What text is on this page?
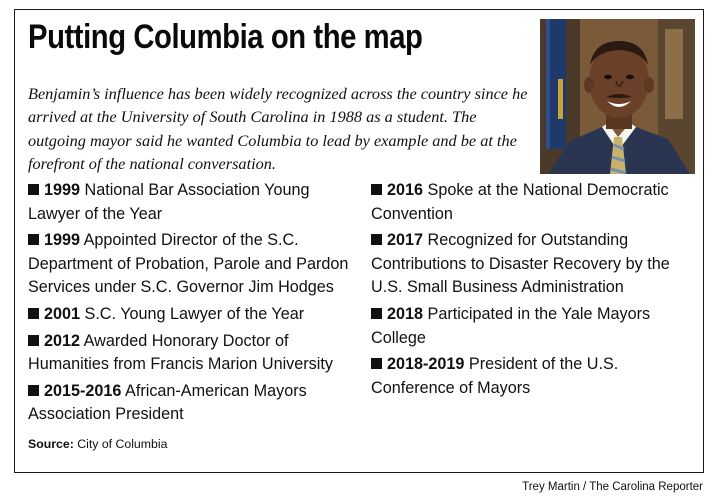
Putting Columbia on the map
Benjamin’s influence has been widely recognized across the country since he arrived at the University of South Carolina in 1988 as a student. The outgoing mayor said he wanted Columbia to lead by example and be at the forefront of the national conversation.
1999 National Bar Association Young Lawyer of the Year
1999 Appointed Director of the S.C. Department of Probation, Parole and Pardon Services under S.C. Governor Jim Hodges
2001 S.C. Young Lawyer of the Year
2012 Awarded Honorary Doctor of Humanities from Francis Marion University
2015-2016 African-American Mayors Association President
2016 Spoke at the National Democratic Convention
2017 Recognized for Outstanding Contributions to Disaster Recovery by the U.S. Small Business Administration
2018 Participated in the Yale Mayors College
2018-2019 President of the U.S. Conference of Mayors
Source: City of Columbia
Trey Martin / The Carolina Reporter
